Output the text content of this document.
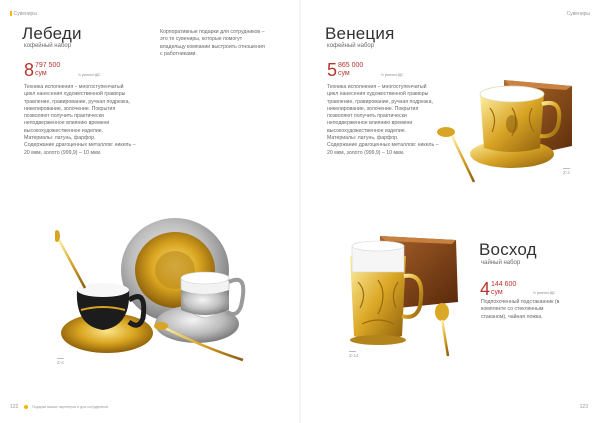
Сувениры	Сувениры
Лебеди
кофейный набор
8 797 500
сум	*с учетом НДС
Техника исполнения – многоступенчатый цикл нанесения художественной гравюры травление, гравирование, ручная подрезка, никелирование, золочение. Покрытия позволяют получить практически неподверженное влиянию времени высокохудожественное изделие.
Материалы: латунь, фарфор.
Содержание драгоценных металлов: никель – 20 мкм, золото (999,9) – 10 мкм.
Корпоративные подарки для сотрудников – это те сувениры, которые помогут владельцу компании выстроить отношения с работниками.
Z-4
Венеция
кофейный набор
5 865 000
сум	*с учетом НДС
Техника исполнения – многоступенчатый цикл нанесения художественной гравюры травление, гравирование, ручная подрезка, никелирование, золочение. Покрытия позволяют получить практически неподверженное влиянию времени высокохудожественное изделие.
Материалы: латунь, фарфор.
Содержание драгоценных металлов: никель – 20 мкм, золото (999,9) – 10 мкм.
Z-2
Восход
чайный набор
4 144 600
сум	*с учетом НДС
Подпохоченный подстаканник (в комплекте со стеклянным стаканом), чайная ложка.
Z-14
122	Подарки ваших партнёров и для сотрудников	123
